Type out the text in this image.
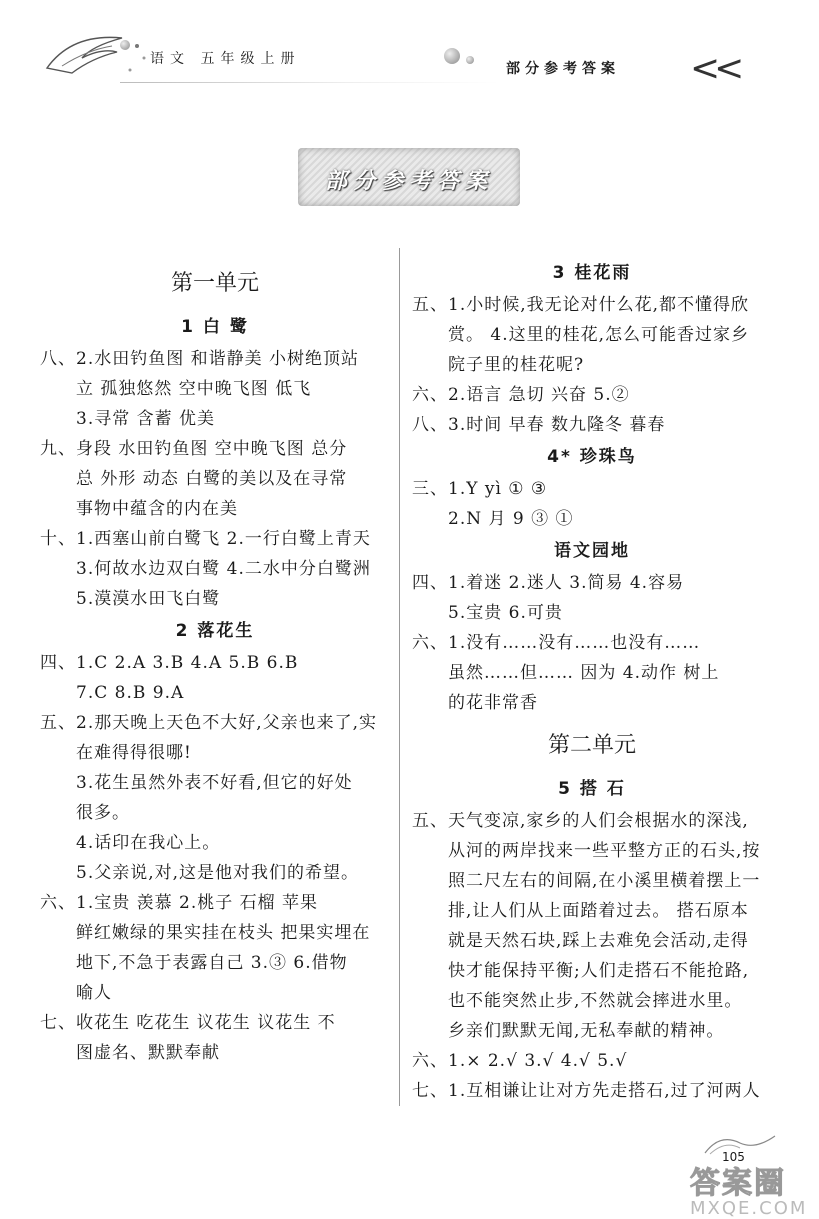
语文 五年级上册
部分参考答案 <<
部分参考答案
第一单元
1 白 鹭
八、2.水田钓鱼图 和谐静美 小树绝顶站
立 孤独悠然 空中晚飞图 低飞
3.寻常 含蓄 优美
九、身段 水田钓鱼图 空中晚飞图 总分
总 外形 动态 白鹭的美以及在寻常
事物中蕴含的内在美
十、1.西塞山前白鹭飞 2.一行白鹭上青天
3.何故水边双白鹭 4.二水中分白鹭洲
5.漠漠水田飞白鹭
2 落花生
四、1.C 2.A 3.B 4.A 5.B 6.B
7.C 8.B 9.A
五、2.那天晚上天色不大好,父亲也来了,实
在难得得很哪!
3.花生虽然外表不好看,但它的好处
很多。
4.话印在我心上。
5.父亲说,对,这是他对我们的希望。
六、1.宝贵 羡慕 2.桃子 石榴 苹果
鲜红嫩绿的果实挂在枝头 把果实埋在
地下,不急于表露自己 3.③ 6.借物
喻人
七、收花生 吃花生 议花生 议花生 不
图虚名、默默奉献
3 桂花雨
五、1.小时候,我无论对什么花,都不懂得欣
赏。 4.这里的桂花,怎么可能香过家乡
院子里的桂花呢?
六、2.语言 急切 兴奋 5.②
八、3.时间 早春 数九隆冬 暮春
4* 珍珠鸟
三、1.Y yì ① ③
2.N 月 9 ③ ①
语文园地
四、1.着迷 2.迷人 3.简易 4.容易
5.宝贵 6.可贵
六、1.没有……没有……也没有……
虽然……但…… 因为 4.动作 树上
的花非常香
第二单元
5 搭 石
五、天气变凉,家乡的人们会根据水的深浅,
从河的两岸找来一些平整方正的石头,按
照二尺左右的间隔,在小溪里横着摆上一
排,让人们从上面踏着过去。 搭石原本
就是天然石块,踩上去难免会活动,走得
快才能保持平衡;人们走搭石不能抢路,
也不能突然止步,不然就会摔进水里。
乡亲们默默无闻,无私奉献的精神。
六、1.× 2.√ 3.√ 4.√ 5.√
七、1.互相谦让让对方先走搭石,过了河两人
105
答案圈
MXQE.COM
